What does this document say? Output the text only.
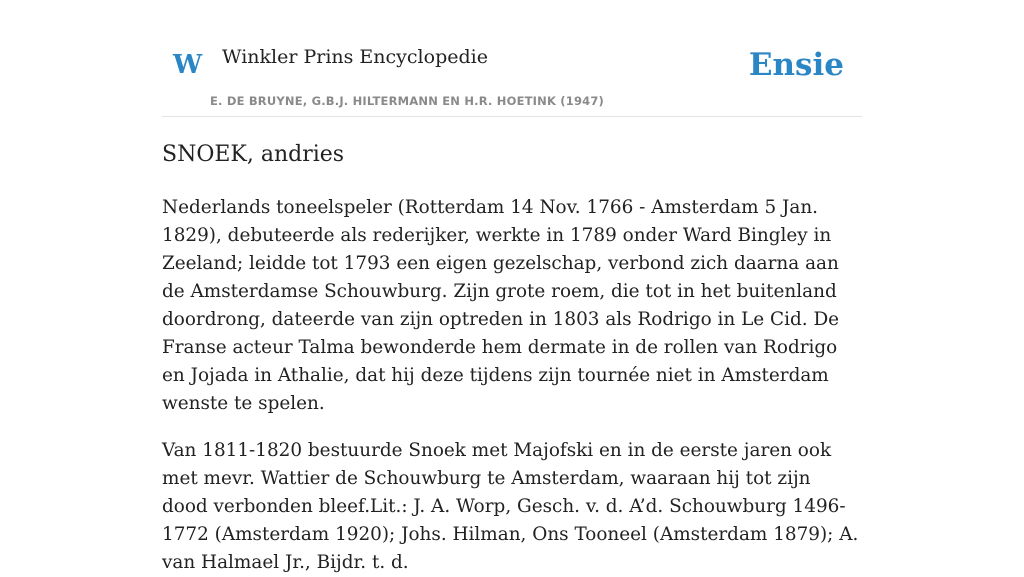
W Winkler Prins Encyclopedie
E. DE BRUYNE, G.B.J. HILTERMANN EN H.R. HOETINK (1947)
Ensie
SNOEK, andries

Nederlands toneelspeler (Rotterdam 14 Nov. 1766 - Amsterdam 5 Jan. 1829), debuteerde als rederijker, werkte in 1789 onder Ward Bingley in Zeeland; leidde tot 1793 een eigen gezelschap, verbond zich daarna aan de Amsterdamse Schouwburg. Zijn grote roem, die tot in het buitenland doordrong, dateerde van zijn optreden in 1803 als Rodrigo in Le Cid. De Franse acteur Talma bewonderde hem dermate in de rollen van Rodrigo en Jojada in Athalie, dat hij deze tijdens zijn tournée niet in Amsterdam wenste te spelen.

Van 1811-1820 bestuurde Snoek met Majofski en in de eerste jaren ook met mevr. Wattier de Schouwburg te Amsterdam, waaraan hij tot zijn dood verbonden bleef.Lit.: J. A. Worp, Gesch. v. d. A’d. Schouwburg 1496-1772 (Amsterdam 1920); Johs. Hilman, Ons Tooneel (Amsterdam 1879); A. van Halmael Jr., Bijdr. t. d.
